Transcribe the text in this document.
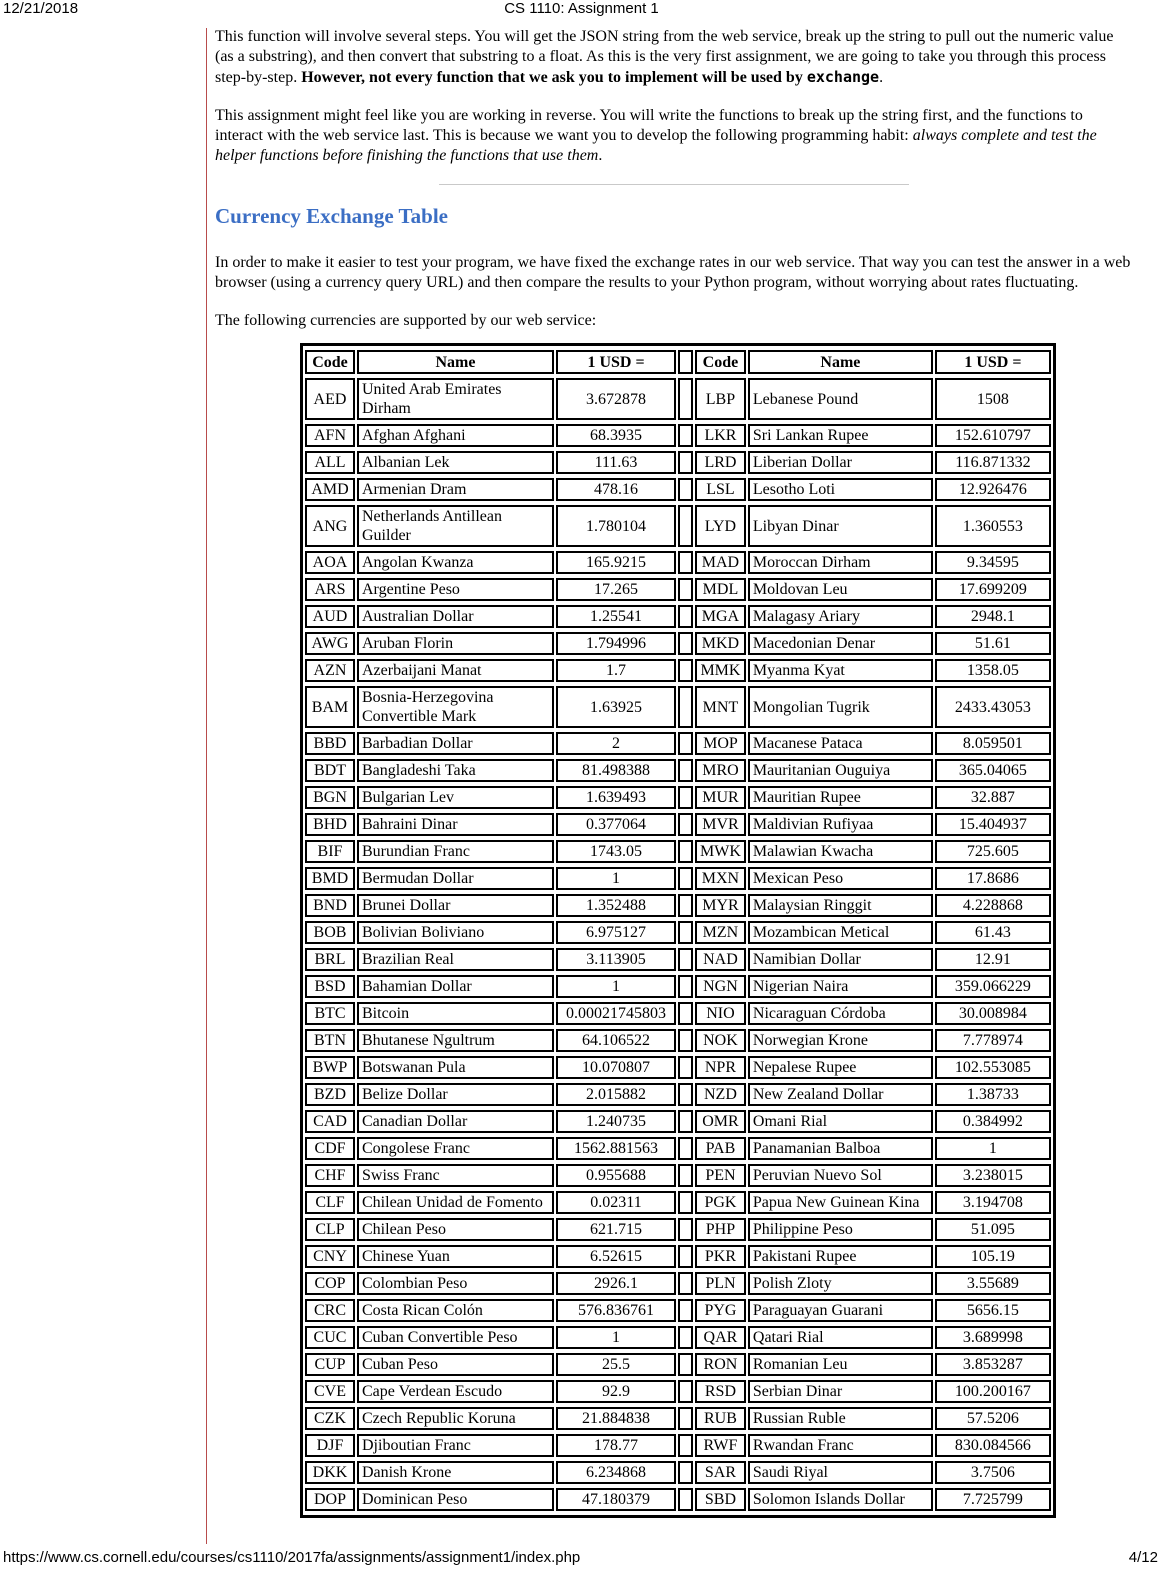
12/21/2018	CS 1110: Assignment 1

This function will involve several steps. You will get the JSON string from the web service, break up the string to pull out the numeric value (as a substring), and then convert that substring to a float. As this is the very first assignment, we are going to take you through this process step-by-step. However, not every function that we ask you to implement will be used by exchange.

This assignment might feel like you are working in reverse. You will write the functions to break up the string first, and the functions to interact with the web service last. This is because we want you to develop the following programming habit: always complete and test the helper functions before finishing the functions that use them.

Currency Exchange Table

In order to make it easier to test your program, we have fixed the exchange rates in our web service. That way you can test the answer in a web browser (using a currency query URL) and then compare the results to your Python program, without worrying about rates fluctuating.

The following currencies are supported by our web service:

Code	Name	1 USD =		Code	Name	1 USD =
AED	United Arab Emirates Dirham	3.672878		LBP	Lebanese Pound	1508
AFN	Afghan Afghani	68.3935		LKR	Sri Lankan Rupee	152.610797
ALL	Albanian Lek	111.63		LRD	Liberian Dollar	116.871332
AMD	Armenian Dram	478.16		LSL	Lesotho Loti	12.926476
ANG	Netherlands Antillean Guilder	1.780104		LYD	Libyan Dinar	1.360553
AOA	Angolan Kwanza	165.9215		MAD	Moroccan Dirham	9.34595
ARS	Argentine Peso	17.265		MDL	Moldovan Leu	17.699209
AUD	Australian Dollar	1.25541		MGA	Malagasy Ariary	2948.1
AWG	Aruban Florin	1.794996		MKD	Macedonian Denar	51.61
AZN	Azerbaijani Manat	1.7		MMK	Myanma Kyat	1358.05
BAM	Bosnia-Herzegovina Convertible Mark	1.63925		MNT	Mongolian Tugrik	2433.43053
BBD	Barbadian Dollar	2		MOP	Macanese Pataca	8.059501
BDT	Bangladeshi Taka	81.498388		MRO	Mauritanian Ouguiya	365.04065
BGN	Bulgarian Lev	1.639493		MUR	Mauritian Rupee	32.887
BHD	Bahraini Dinar	0.377064		MVR	Maldivian Rufiyaa	15.404937
BIF	Burundian Franc	1743.05		MWK	Malawian Kwacha	725.605
BMD	Bermudan Dollar	1		MXN	Mexican Peso	17.8686
BND	Brunei Dollar	1.352488		MYR	Malaysian Ringgit	4.228868
BOB	Bolivian Boliviano	6.975127		MZN	Mozambican Metical	61.43
BRL	Brazilian Real	3.113905		NAD	Namibian Dollar	12.91
BSD	Bahamian Dollar	1		NGN	Nigerian Naira	359.066229
BTC	Bitcoin	0.00021745803		NIO	Nicaraguan Córdoba	30.008984
BTN	Bhutanese Ngultrum	64.106522		NOK	Norwegian Krone	7.778974
BWP	Botswanan Pula	10.070807		NPR	Nepalese Rupee	102.553085
BZD	Belize Dollar	2.015882		NZD	New Zealand Dollar	1.38733
CAD	Canadian Dollar	1.240735		OMR	Omani Rial	0.384992
CDF	Congolese Franc	1562.881563		PAB	Panamanian Balboa	1
CHF	Swiss Franc	0.955688		PEN	Peruvian Nuevo Sol	3.238015
CLF	Chilean Unidad de Fomento	0.02311		PGK	Papua New Guinean Kina	3.194708
CLP	Chilean Peso	621.715		PHP	Philippine Peso	51.095
CNY	Chinese Yuan	6.52615		PKR	Pakistani Rupee	105.19
COP	Colombian Peso	2926.1		PLN	Polish Zloty	3.55689
CRC	Costa Rican Colón	576.836761		PYG	Paraguayan Guarani	5656.15
CUC	Cuban Convertible Peso	1		QAR	Qatari Rial	3.689998
CUP	Cuban Peso	25.5		RON	Romanian Leu	3.853287
CVE	Cape Verdean Escudo	92.9		RSD	Serbian Dinar	100.200167
CZK	Czech Republic Koruna	21.884838		RUB	Russian Ruble	57.5206
DJF	Djiboutian Franc	178.77		RWF	Rwandan Franc	830.084566
DKK	Danish Krone	6.234868		SAR	Saudi Riyal	3.7506
DOP	Dominican Peso	47.180379		SBD	Solomon Islands Dollar	7.725799
https://www.cs.cornell.edu/courses/cs1110/2017fa/assignments/assignment1/index.php	4/12
